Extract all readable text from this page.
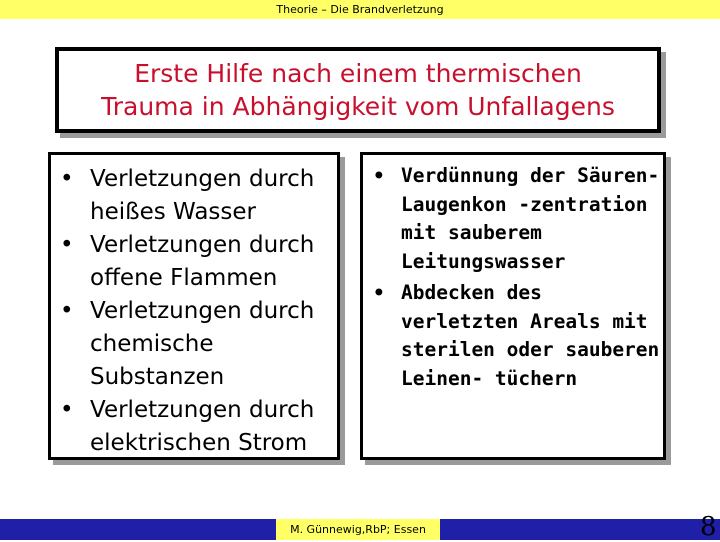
Theorie – Die Brandverletzung
Erste Hilfe nach einem thermischen
Trauma in Abhängigkeit vom Unfallagens
• Verletzungen durch heißes Wasser
• Verletzungen durch offene Flammen
• Verletzungen durch chemische Substanzen
• Verletzungen durch elektrischen Strom
• Verdünnung der Säuren- Laugenkon -zentration mit sauberem Leitungswasser
• Abdecken des verletzten Areals mit sterilen oder sauberen Leinen- tüchern
M. Günnewig,RbP; Essen	8
